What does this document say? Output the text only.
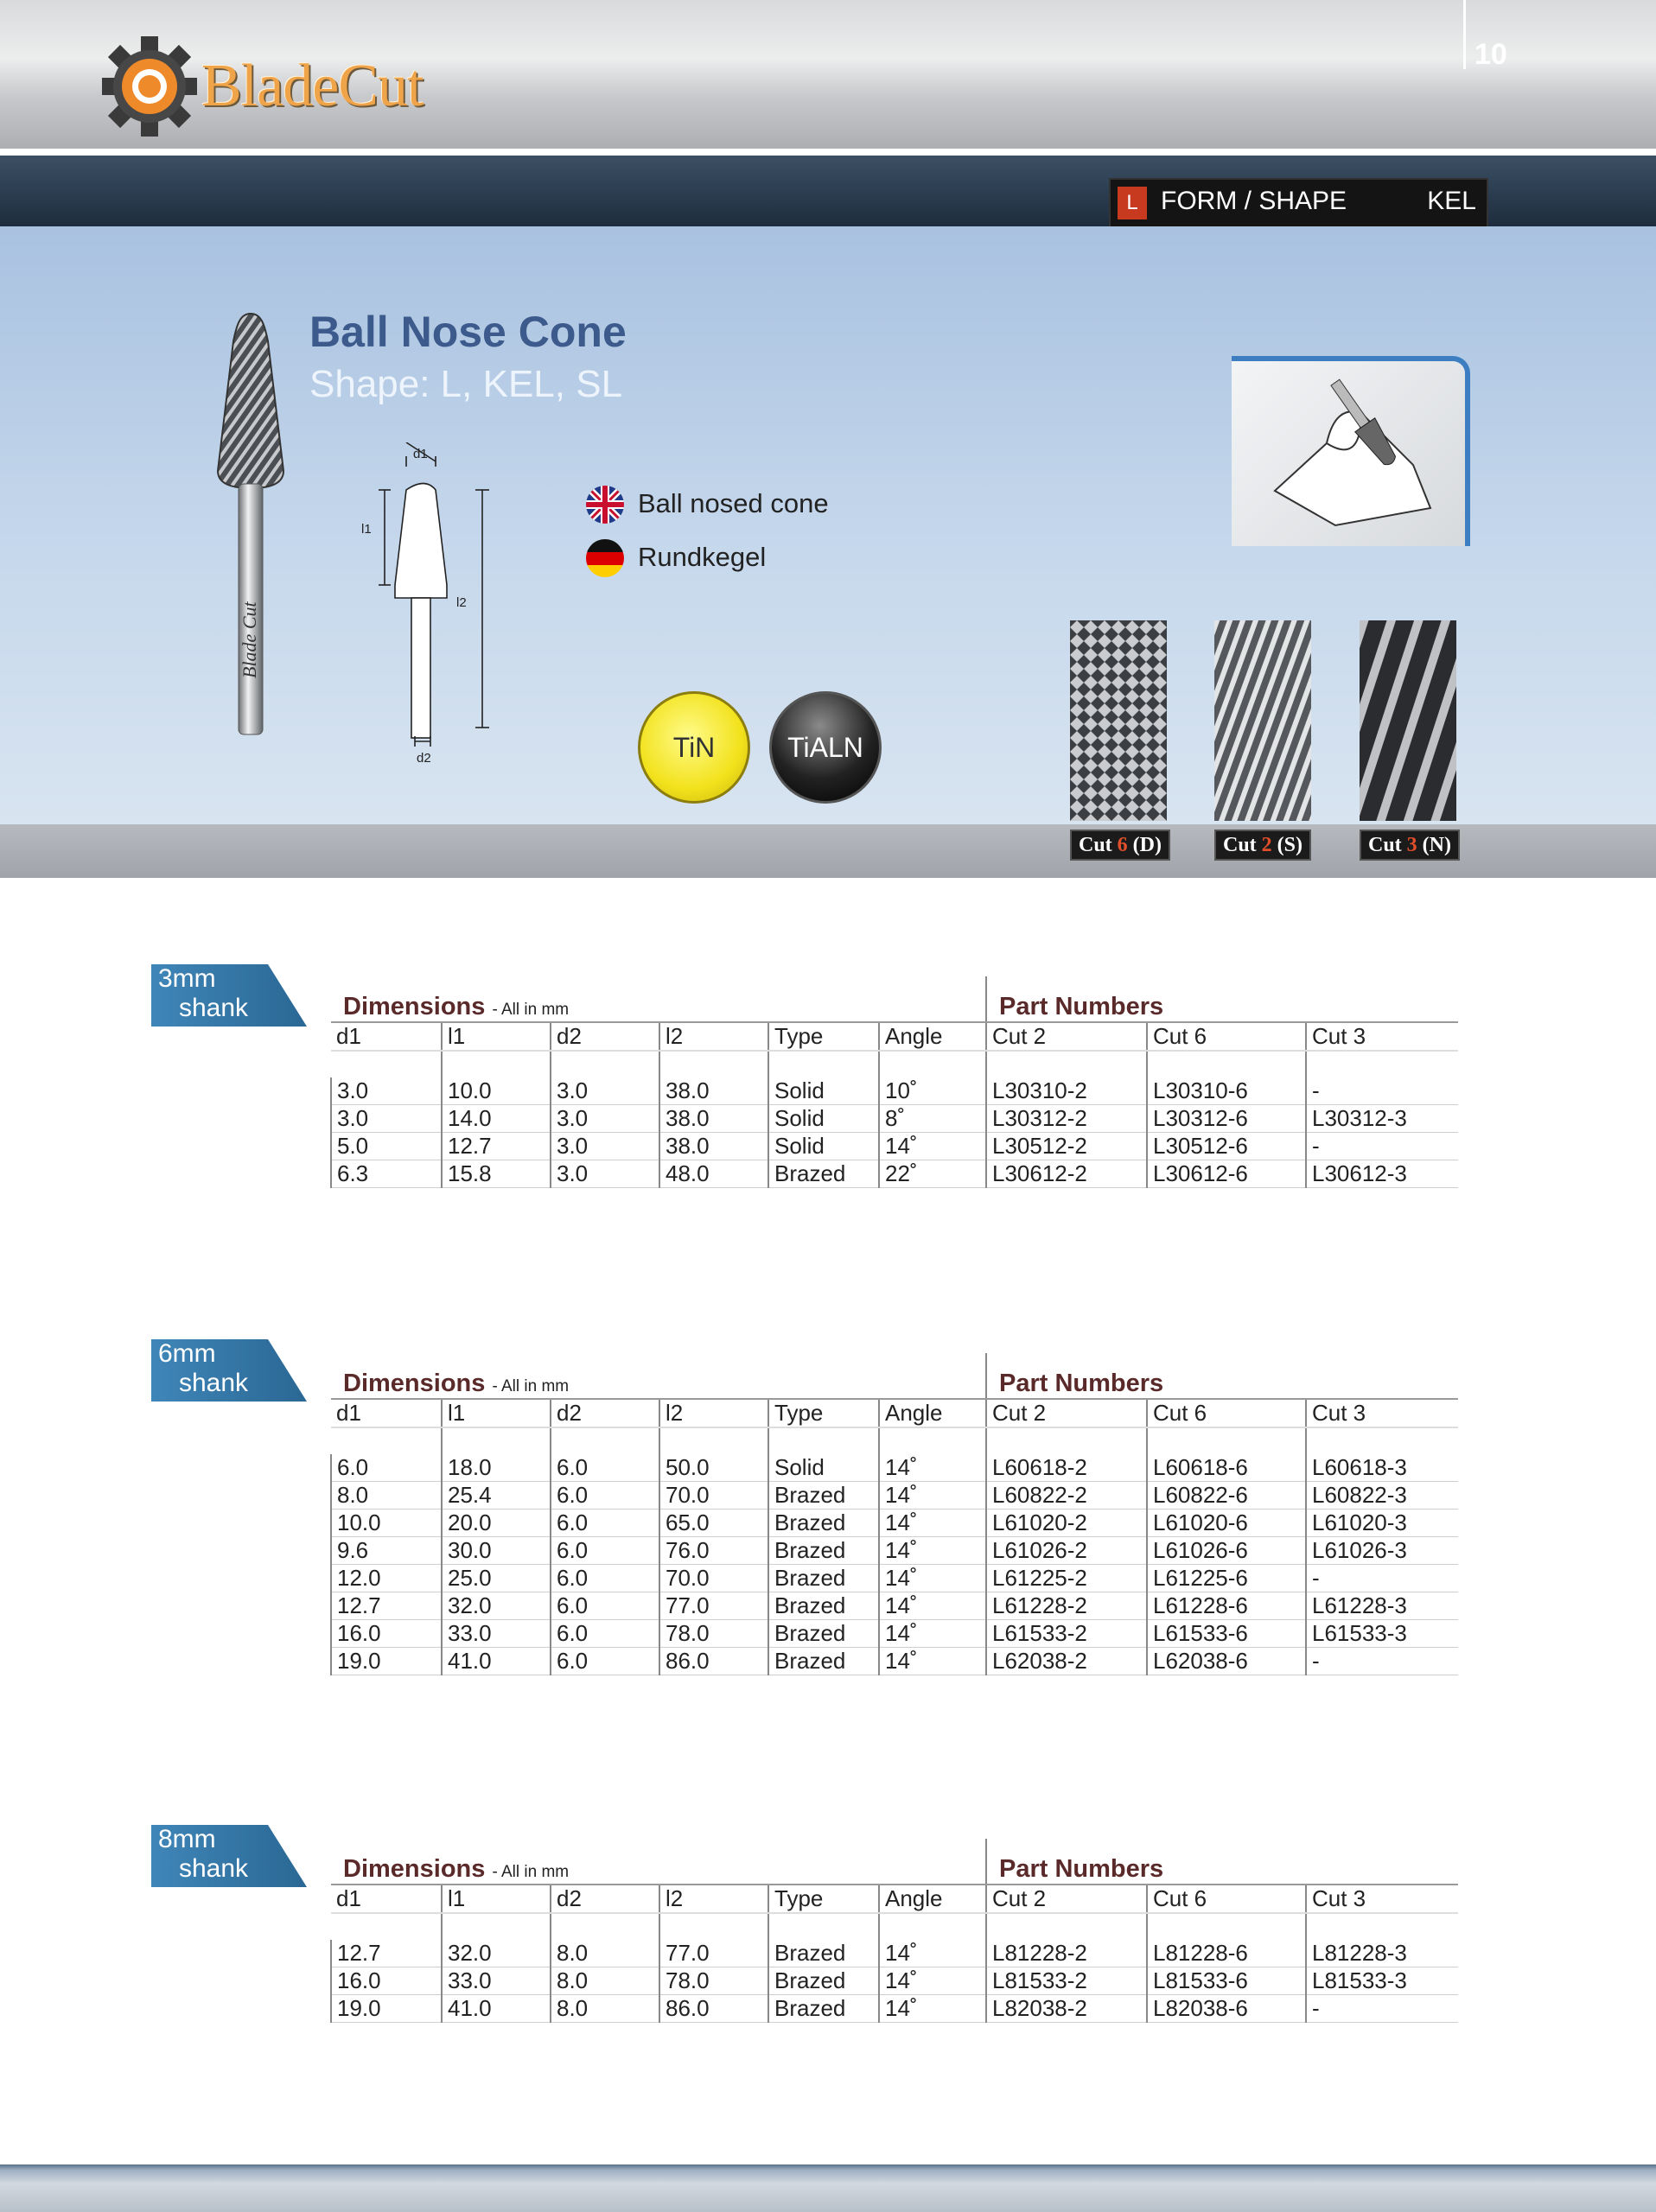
BladeCut	10
L FORM / SHAPE	KEL
Blade Cut
Ball Nose Cone
Shape: L, KEL, SL
d1
l1
l2
d2
Ball nosed cone
Rundkegel
TiN	TiALN
Cut 6 (D)	Cut 2 (S)	Cut 3 (N)
3mm
shank	Dimensions - All in mm						Part Numbers		
d1	l1	d2	l2	Type	Angle	Cut 2	Cut 6	Cut 3

3.0	10.0	3.0	38.0	Solid	10˚	L30310-2	L30310-6	-
3.0	14.0	3.0	38.0	Solid	8˚	L30312-2	L30312-6	L30312-3
5.0	12.7	3.0	38.0	Solid	14˚	L30512-2	L30512-6	-
6.3	15.8	3.0	48.0	Brazed	22˚	L30612-2	L30612-6	L30612-3
6mm
shank	Dimensions - All in mm						Part Numbers		
d1	l1	d2	l2	Type	Angle	Cut 2	Cut 6	Cut 3

6.0	18.0	6.0	50.0	Solid	14˚	L60618-2	L60618-6	L60618-3
8.0	25.4	6.0	70.0	Brazed	14˚	L60822-2	L60822-6	L60822-3
10.0	20.0	6.0	65.0	Brazed	14˚	L61020-2	L61020-6	L61020-3
9.6	30.0	6.0	76.0	Brazed	14˚	L61026-2	L61026-6	L61026-3
12.0	25.0	6.0	70.0	Brazed	14˚	L61225-2	L61225-6	-
12.7	32.0	6.0	77.0	Brazed	14˚	L61228-2	L61228-6	L61228-3
16.0	33.0	6.0	78.0	Brazed	14˚	L61533-2	L61533-6	L61533-3
19.0	41.0	6.0	86.0	Brazed	14˚	L62038-2	L62038-6	-
8mm
shank	Dimensions - All in mm						Part Numbers		
d1	l1	d2	l2	Type	Angle	Cut 2	Cut 6	Cut 3

12.7	32.0	8.0	77.0	Brazed	14˚	L81228-2	L81228-6	L81228-3
16.0	33.0	8.0	78.0	Brazed	14˚	L81533-2	L81533-6	L81533-3
19.0	41.0	8.0	86.0	Brazed	14˚	L82038-2	L82038-6	-
